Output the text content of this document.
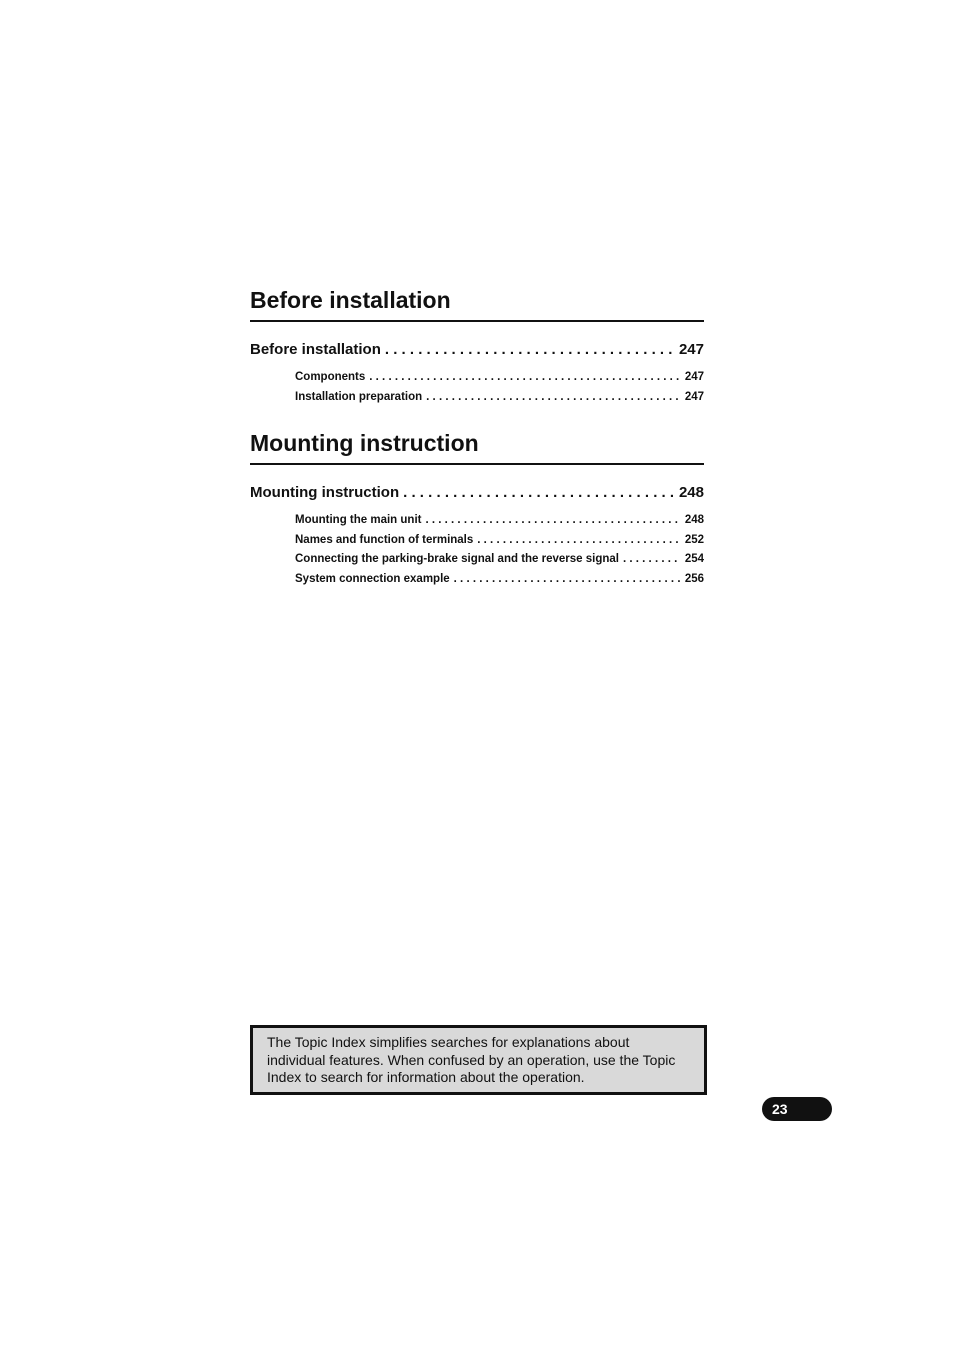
Before installation
Before installation . . .	247
Components . . .	247
Installation preparation . . .	247
Mounting instruction
Mounting instruction . . .	248
Mounting the main unit . . .	248
Names and function of terminals . . .	252
Connecting the parking-brake signal and the reverse signal . . .	254
System connection example . . .	256
The Topic Index simplifies searches for explanations about individual features. When confused by an operation, use the Topic Index to search for information about the operation.
23
